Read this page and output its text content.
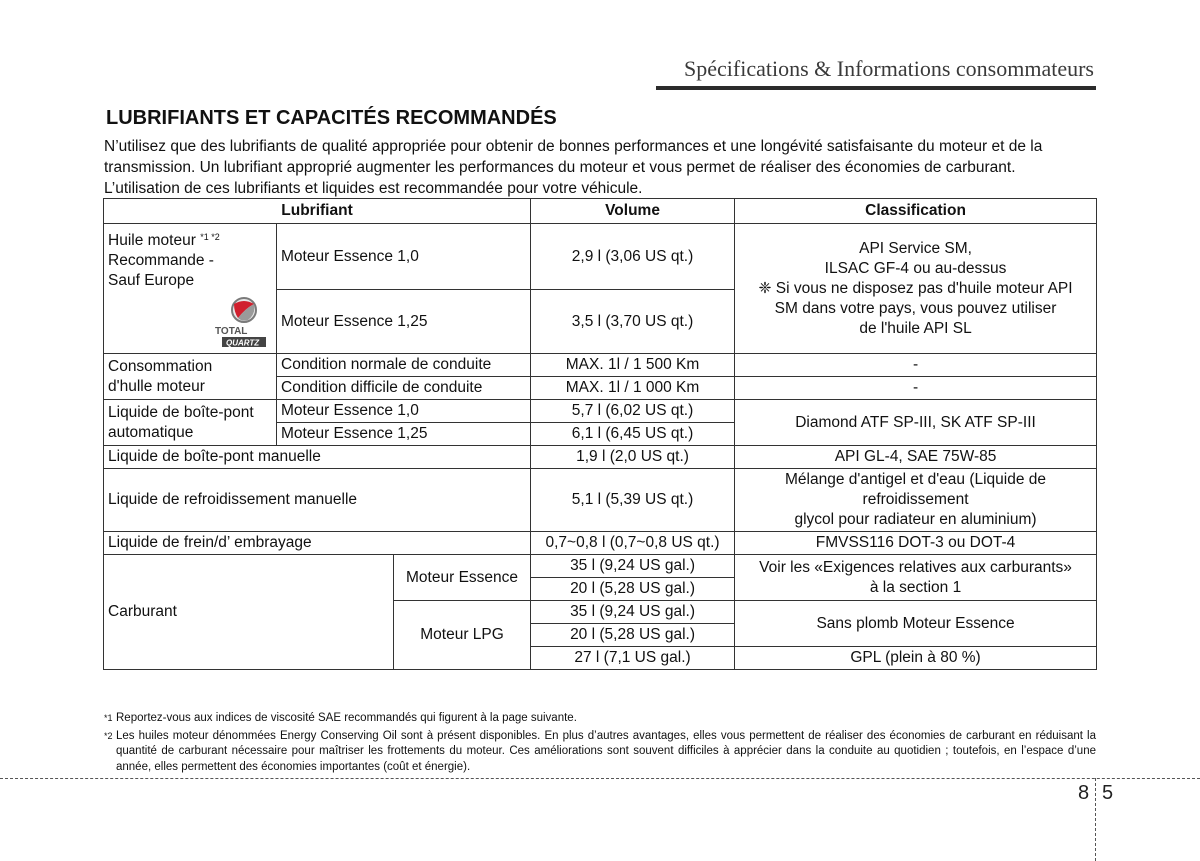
Spécifications & Informations consommateurs
LUBRIFIANTS ET CAPACITÉS RECOMMANDÉS

N’utilisez que des lubrifiants de qualité appropriée pour obtenir de bonnes performances et une longévité satisfaisante du moteur et de la transmission. Un lubrifiant approprié augmenter les performances du moteur et vous permet de réaliser des économies de carburant.

L’utilisation de ces lubrifiants et liquides est recommandée pour votre véhicule.

Lubrifiant			Volume	Classification

Huile moteur $^{*1 *2}$
Recommande -
Sauf Europe
TOTAL
QUARTZ	Moteur Essence 1,0		2,9 l (3,06 US qt.)	API Service SM,
ILSAC GF-4 ou au-dessus
❈ Si vous ne disposez pas d'huile moteur API
SM dans votre pays, vous pouvez utiliser
de l'huile API SL
	Moteur Essence 1,25		3,5 l (3,70 US qt.)	
Consommation
d'hulle moteur	Condition normale de conduite		MAX. 1l / 1 500 Km	-
	Condition difficile de conduite		MAX. 1l / 1 000 Km	-
Liquide de boîte-pont
automatique	Moteur Essence 1,0		5,7 l (6,02 US qt.)	Diamond ATF SP-III, SK ATF SP-III
	Moteur Essence 1,25		6,1 l (6,45 US qt.)	
Liquide de boîte-pont manuelle			1,9 l (2,0 US qt.)	API GL-4, SAE 75W-85
Liquide de refroidissement manuelle			5,1 l (5,39 US qt.)	Mélange d'antigel et d'eau (Liquide de
refroidissement
glycol pour radiateur en aluminium)
Liquide de frein/d’ embrayage			0,7~0,8 l (0,7~0,8 US qt.)	FMVSS116 DOT-3 ou DOT-4
Carburant		Moteur Essence	35 l (9,24 US gal.)	Voir les «Exigences relatives aux carburants»
à la section 1
			20 l (5,28 US gal.)	
		Moteur LPG	35 l (9,24 US gal.)	Sans plomb Moteur Essence
			20 l (5,28 US gal.)	
			27 l (7,1 US gal.)	GPL (plein à 80 %)
*1 Reportez-vous aux indices de viscosité SAE recommandés qui figurent à la page suivante.
*2 Les huiles moteur dénommées Energy Conserving Oil sont à présent disponibles. En plus d’autres avantages, elles vous permettent de réaliser des économies de carburant en réduisant la quantité de carburant nécessaire pour maîtriser les frottements du moteur. Ces améliorations sont souvent difficiles à apprécier dans la conduite au quotidien ; toutefois, en l’espace d’une année, elles permettent des économies importantes (coût et énergie).
8 5
